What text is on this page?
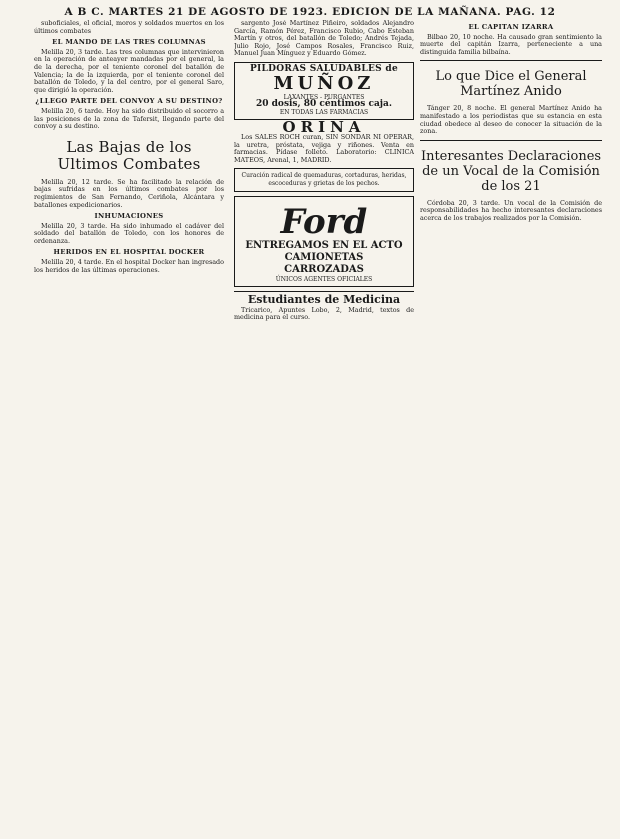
A B C. MARTES 21 DE AGOSTO DE 1923. EDICION DE LA MAÑANA. PAG. 12
suboficiales, el oficial, moros y soldados muertos en los últimos combates
EL MANDO DE LAS TRES COLUMNAS
Melilla 20, 3 tarde. Las tres columnas que intervinieron en la operación de anteayer mandadas por el general, la de la derecha, por el teniente coronel del batallón de Valencia; la de la izquierda, por el teniente coronel del batallón de Toledo, y la del centro, por el general Saro, que dirigió la operación.
¿LLEGO PARTE DEL CONVOY A SU DESTINO?
Melilla 20, 6 tarde. Hoy ha sido distribuido el socorro a las posiciones de la zona de Tafersit, llegando parte del convoy a su destino.
Las Bajas de los Ultimos Combates
Melilla 20, 12 tarde. Se ha facilitado la relación de bajas sufridas en los últimos combates por los regimientos de San Fernando, Ceriñola, Alcántara y batallones expedicionarios.
INHUMACIONES
Melilla 20, 3 tarde. Ha sido inhumado el cadáver del soldado del batallón de Toledo, con los honores de ordenanza.
HERIDOS EN EL HOSPITAL DOCKER
Melilla 20, 4 tarde. En el hospital Docker han ingresado los heridos de las últimas operaciones.
sargento José Martínez Piñeiro, soldados Alejandro García, Ramón Pérez, Francisco Rubio, Cabo Esteban Martín y otros, del batallón de Toledo; Andrés Tejada, Julio Rojo, José Campos Rosales, Francisco Ruiz, Manuel Juan Mínguez y Eduardo Gómez.
PILDORAS SALUDABLES de
MUÑOZ
LAXANTES - PURGANTES
20 dosis, 80 céntimos caja.
EN TODAS LAS FARMACIAS
ORINA
Los SALES ROCH curan, SIN SONDAR NI OPERAR, la uretra, próstata, vejiga y riñones. Venta en farmacias. Pídase folleto. Laboratorio: CLINICA MATEOS, Arenal, 1, MADRID.
Curación radical de quemaduras, cortaduras, heridas, escoceduras y grietas de los pechos.
Ford
ENTREGAMOS EN EL ACTO
CAMIONETAS
CARROZADAS
ÚNICOS AGENTES OFICIALES
Estudiantes de Medicina
Tricarico, Apuntes Lobo, 2, Madrid, textos de medicina para el curso.
EL CAPITAN IZARRA
Bilbao 20, 10 noche. Ha causado gran sentimiento la muerte del capitán Izarra, perteneciente a una distinguida familia bilbaína.
Lo que Dice el General Martínez Anido
Tánger 20, 8 noche. El general Martínez Anido ha manifestado a los periodistas que su estancia en esta ciudad obedece al deseo de conocer la situación de la zona.
Interesantes Declaraciones de un Vocal de la Comisión de los 21
Córdoba 20, 3 tarde. Un vocal de la Comisión de responsabilidades ha hecho interesantes declaraciones acerca de los trabajos realizados por la Comisión.
